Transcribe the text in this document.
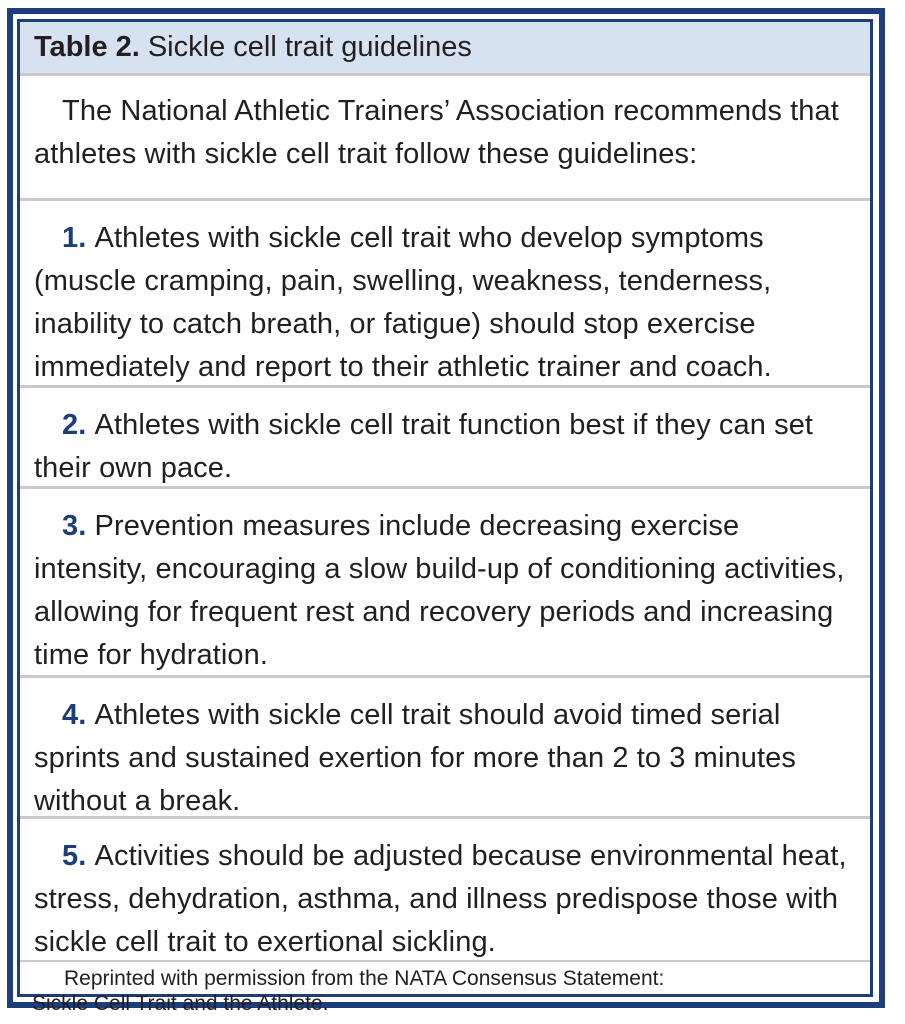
Table 2. Sickle cell trait guidelines
The National Athletic Trainers’ Association recommends that athletes with sickle cell trait follow these guidelines:
1. Athletes with sickle cell trait who develop symptoms (muscle cramping, pain, swelling, weakness, tenderness, inability to catch breath, or fatigue) should stop exercise immediately and report to their athletic trainer and coach.
2. Athletes with sickle cell trait function best if they can set their own pace.
3. Prevention measures include decreasing exercise intensity, encouraging a slow build-up of conditioning activities, allowing for frequent rest and recovery periods and increasing time for hydration.
4. Athletes with sickle cell trait should avoid timed serial sprints and sustained exertion for more than 2 to 3 minutes without a break.
5. Activities should be adjusted because environmental heat, stress, dehydration, asthma, and illness predispose those with sickle cell trait to exertional sickling.
Reprinted with permission from the NATA Consensus Statement:
Sickle Cell Trait and the Athlete.
